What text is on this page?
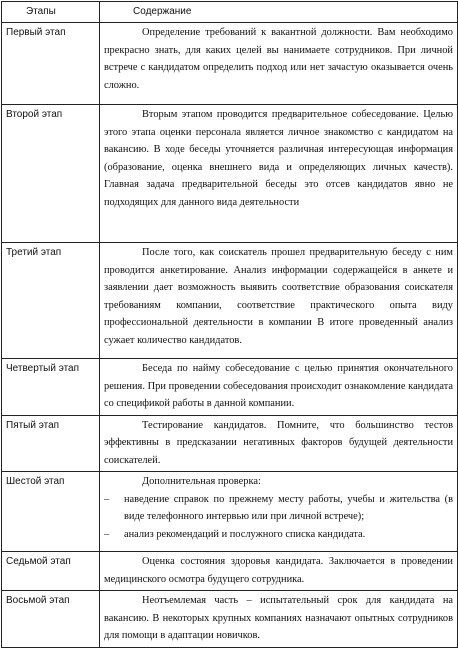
Этапы	Содержание
Первый этап	Определение требований к вакантной должности. Вам необходимо прекрасно знать, для каких целей вы нанимаете сотрудников. При личной встрече с кандидатом определить подход или нет зачастую оказывается очень сложно.

Второй этап	Вторым этапом проводится предварительное собеседование. Целью этого этапа оценки персонала является личное знакомство с кандидатом на вакансию. В ходе беседы уточняется различная интересующая информация (образование, оценка внешнего вида и определяющих личных качеств). Главная задача предварительной беседы это отсев кандидатов явно не подходящих для данного вида деятельности

Третий этап	После того, как соискатель прошел предварительную беседу с ним проводится анкетирование. Анализ информации содержащейся в анкете и заявлении дает возможность выявить соответствие образования соискателя требованиям компании, соответствие практического опыта виду профессиональной деятельности в компании В итоге проведенный анализ сужает количество кандидатов.

Четвертый этап	Беседа по найму собеседование с целью принятия окончательного решения. При проведении собеседования происходит ознакомление кандидата со спецификой работы в данной компании.

Пятый этап	Тестирование кандидатов. Помните, что большинство тестов эффективны в предсказании негативных факторов будущей деятельности соискателей.

Шестой этап	Дополнительная проверка:

– наведение справок по прежнему месту работы, учебы и жительства (в виде телефонного интервью или при личной встрече);
– анализ рекомендаций и послужного списка кандидата.

Седьмой этап	Оценка состояния здоровья кандидата. Заключается в проведении медицинского осмотра будущего сотрудника.

Восьмой этап	Неотъемлемая часть – испытательный срок для кандидата на вакансию. В некоторых крупных компаниях назначают опытных сотрудников для помощи в адаптации новичков.
